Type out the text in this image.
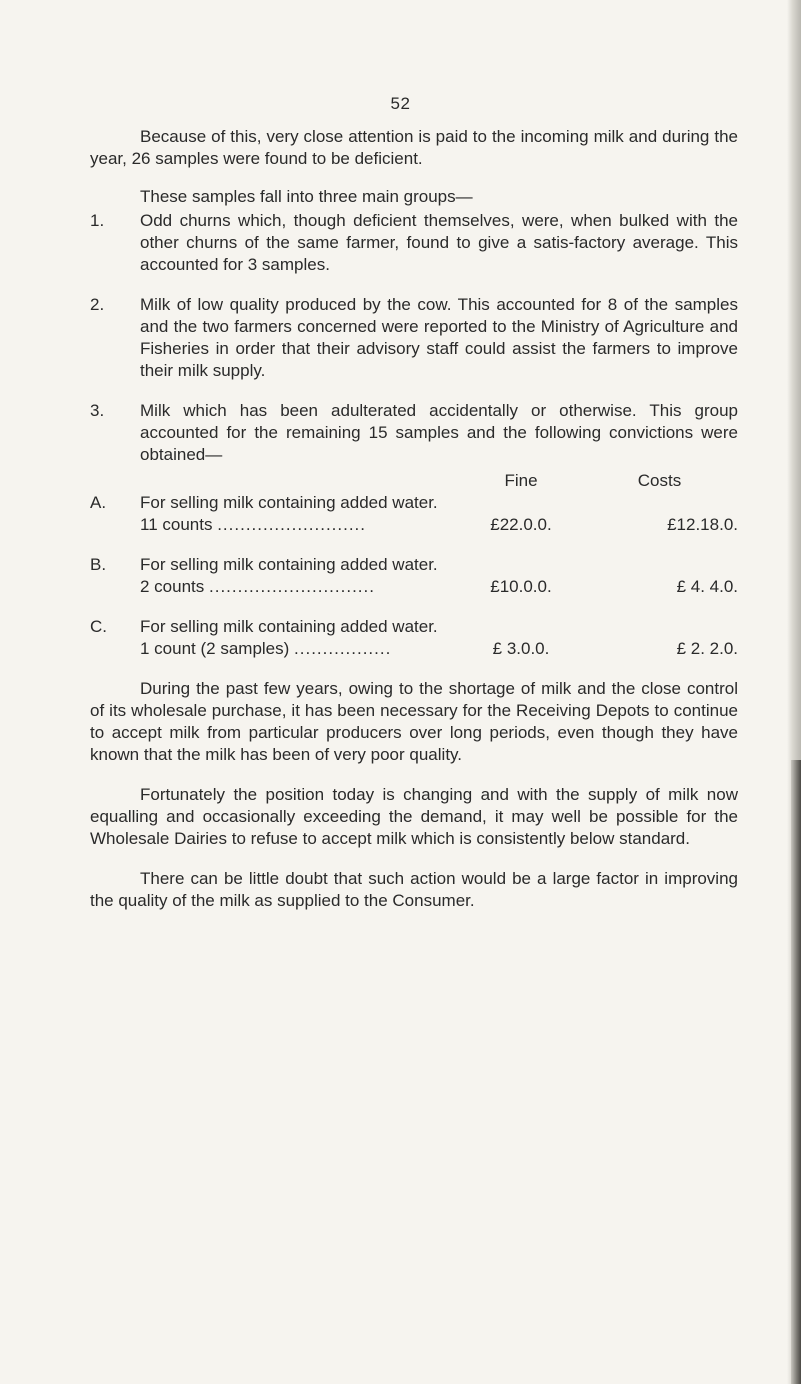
52

Because of this, very close attention is paid to the incoming milk and during the year, 26 samples were found to be deficient.

These samples fall into three main groups—

1.	Odd churns which, though deficient themselves, were, when bulked with the other churns of the same farmer, found to give a satis-factory average. This accounted for 3 samples.
2.	Milk of low quality produced by the cow. This accounted for 8 of the samples and the two farmers concerned were reported to the Ministry of Agriculture and Fisheries in order that their advisory staff could assist the farmers to improve their milk supply.
3.	Milk which has been adulterated accidentally or otherwise. This group accounted for the remaining 15 samples and the following convictions were obtained—
Fine	Costs
A.	For selling milk containing added water.
11 counts ..........................	£22.0.0.	£12.18.0.
B.	For selling milk containing added water.
2 counts .............................	£10.0.0.	£ 4. 4.0.
C.	For selling milk containing added water.
1 count (2 samples) .................	£ 3.0.0.	£ 2. 2.0.

During the past few years, owing to the shortage of milk and the close control of its wholesale purchase, it has been necessary for the Receiving Depots to continue to accept milk from particular producers over long periods, even though they have known that the milk has been of very poor quality.

Fortunately the position today is changing and with the supply of milk now equalling and occasionally exceeding the demand, it may well be possible for the Wholesale Dairies to refuse to accept milk which is consistently below standard.

There can be little doubt that such action would be a large factor in improving the quality of the milk as supplied to the Consumer.
